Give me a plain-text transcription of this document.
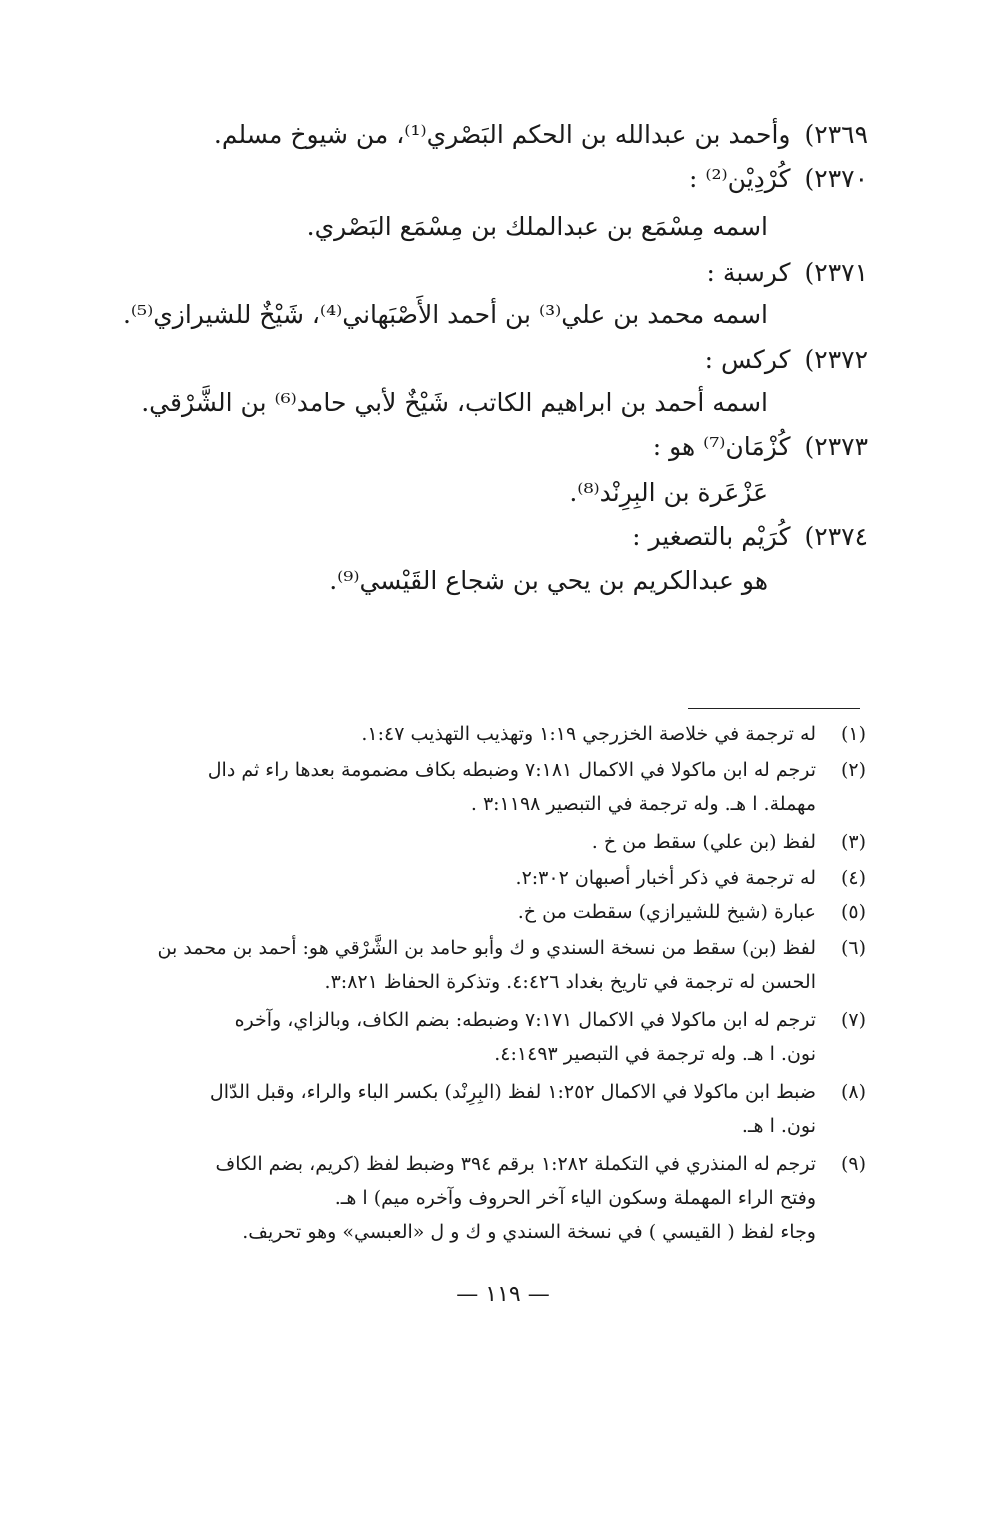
٢٣٦٩)وأحمد بن عبدالله بن الحكم البَصْري⁽¹⁾، من شيوخ مسلم.
٢٣٧٠)كُرْدِيْن⁽²⁾ :
اسمه مِسْمَع بن عبدالملك بن مِسْمَع البَصْري.
٢٣٧١)كرسبة :
اسمه محمد بن علي⁽³⁾ بن أحمد الأَصْبَهاني⁽⁴⁾، شَيْخٌ للشيرازي⁽⁵⁾.
٢٣٧٢)كركس :
اسمه أحمد بن ابراهيم الكاتب، شَيْخٌ لأبي حامد⁽⁶⁾ بن الشَّرْقي.
٢٣٧٣)كُزْمَان⁽⁷⁾ هو :
عَزْعَرة بن البِرِنْد⁽⁸⁾.
٢٣٧٤)كُرَيْم بالتصغير :
هو عبدالكريم بن يحي بن شجاع القَيْسي⁽⁹⁾.
(١)له ترجمة في خلاصة الخزرجي ١:١٩ وتهذيب التهذيب ١:٤٧.
(٢)ترجم له ابن ماكولا في الاكمال ٧:١٨١ وضبطه بكاف مضمومة بعدها راء ثم دال
مهملة. ا هـ. وله ترجمة في التبصير ٣:١١٩٨ .
(٣)لفظ (بن علي) سقط من خ .
(٤)له ترجمة في ذكر أخبار أصبهان ٢:٣٠٢.
(٥)عبارة (شيخ للشيرازي) سقطت من خ.
(٦)لفظ (بن) سقط من نسخة السندي و ك وأبو حامد بن الشَّرْقي هو: أحمد بن محمد بن
الحسن له ترجمة في تاريخ بغداد ٤:٤٢٦. وتذكرة الحفاظ ٣:٨٢١.
(٧)ترجم له ابن ماكولا في الاكمال ٧:١٧١ وضبطه: بضم الكاف، وبالزاي، وآخره
نون. ا هـ. وله ترجمة في التبصير ٤:١٤٩٣.
(٨)ضبط ابن ماكولا في الاكمال ١:٢٥٢ لفظ (البِرِنْد) بكسر الباء والراء، وقبل الدّال
نون. ا هـ.
(٩)ترجم له المنذري في التكملة ١:٢٨٢ برقم ٣٩٤ وضبط لفظ (كريم، بضم الكاف
وفتح الراء المهملة وسكون الياء آخر الحروف وآخره ميم) ا هـ.
وجاء لفظ ( القيسي ) في نسخة السندي و ك و ل «العبسي» وهو تحريف.
— ١١٩ —
